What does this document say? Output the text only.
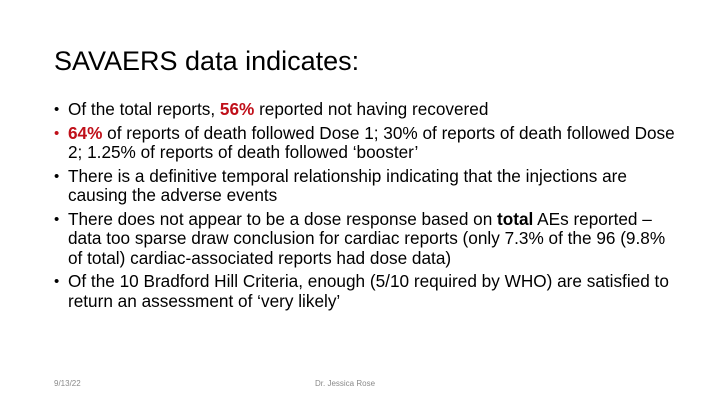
SAVAERS data indicates:
• Of the total reports, 56% reported not having recovered
• 64% of reports of death followed Dose 1; 30% of reports of death followed Dose 2; 1.25% of reports of death followed ‘booster’
• There is a definitive temporal relationship indicating that the injections are causing the adverse events
• There does not appear to be a dose response based on total AEs reported – data too sparse draw conclusion for cardiac reports (only 7.3% of the 96 (9.8% of total) cardiac-associated reports had dose data)
• Of the 10 Bradford Hill Criteria, enough (5/10 required by WHO) are satisfied to return an assessment of ‘very likely’
9/13/22	Dr. Jessica Rose
